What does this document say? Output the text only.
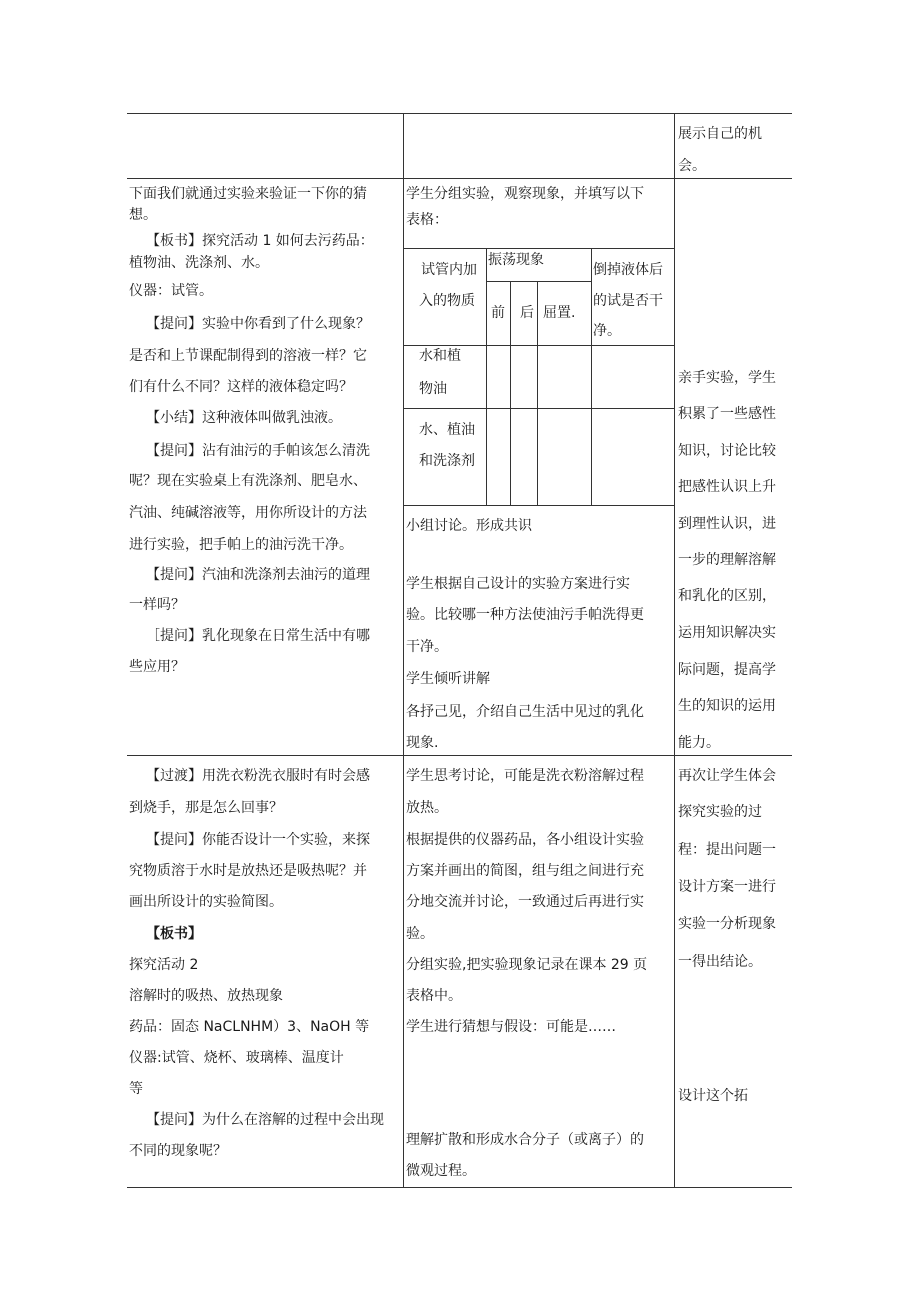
展示自己的机
会。
下面我们就通过实验来验证一下你的猜
想。
【板书】探究活动 1 如何去污药品：
植物油、洗涤剂、水。
仪器：试管。
【提问】实验中你看到了什么现象？
是否和上节课配制得到的溶液一样？它
们有什么不同？这样的液体稳定吗？
【小结】这种液体叫做乳浊液。
【提问】沾有油污的手帕该怎么清洗
呢？现在实验桌上有洗涤剂、肥皂水、
汽油、纯碱溶液等，用你所设计的方法
进行实验，把手帕上的油污洗干净。
【提问】汽油和洗涤剂去油污的道理
一样吗？
［提问】乳化现象在日常生活中有哪
些应用？
学生分组实验，观察现象，并填写以下
表格：
试管内加
入的物质
振荡现象
前 后 屈置.
倒掉液体后
的试是否干
净。
水和植
物油
水、植油
和洗涤剂
小组讨论。形成共识
学生根据自己设计的实验方案进行实
验。比较哪一种方法使油污手帕洗得更
干净。
学生倾听讲解
各抒己见，介绍自己生活中见过的乳化
现象.
亲手实验，学生
积累了一些感性
知识，讨论比较
把感性认识上升
到理性认识，进
一步的理解溶解
和乳化的区别，
运用知识解决实
际问题，提高学
生的知识的运用
能力。
【过渡】用洗衣粉洗衣服时有时会感
到烧手，那是怎么回事？
【提问】你能否设计一个实验，来探
究物质溶于水时是放热还是吸热呢？并
画出所设计的实验简图。
【板书】
探究活动 2
溶解时的吸热、放热现象
药品：固态 NaCLNHM）3、NaOH 等
仪器:试管、烧杯、玻璃棒、温度计
等
【提问】为什么在溶解的过程中会出现
不同的现象呢？
学生思考讨论，可能是洗衣粉溶解过程
放热。
根据提供的仪器药品，各小组设计实验
方案并画出的简图，组与组之间进行充
分地交流并讨论，一致通过后再进行实
验。
分组实验,把实验现象记录在课本 29 页
表格中。
学生进行猜想与假设：可能是……
理解扩散和形成水合分子（或离子）的
微观过程。
再次让学生体会
探究实验的过
程：提出问题一
设计方案一进行
实验一分析现象
一得出结论。
设计这个拓
